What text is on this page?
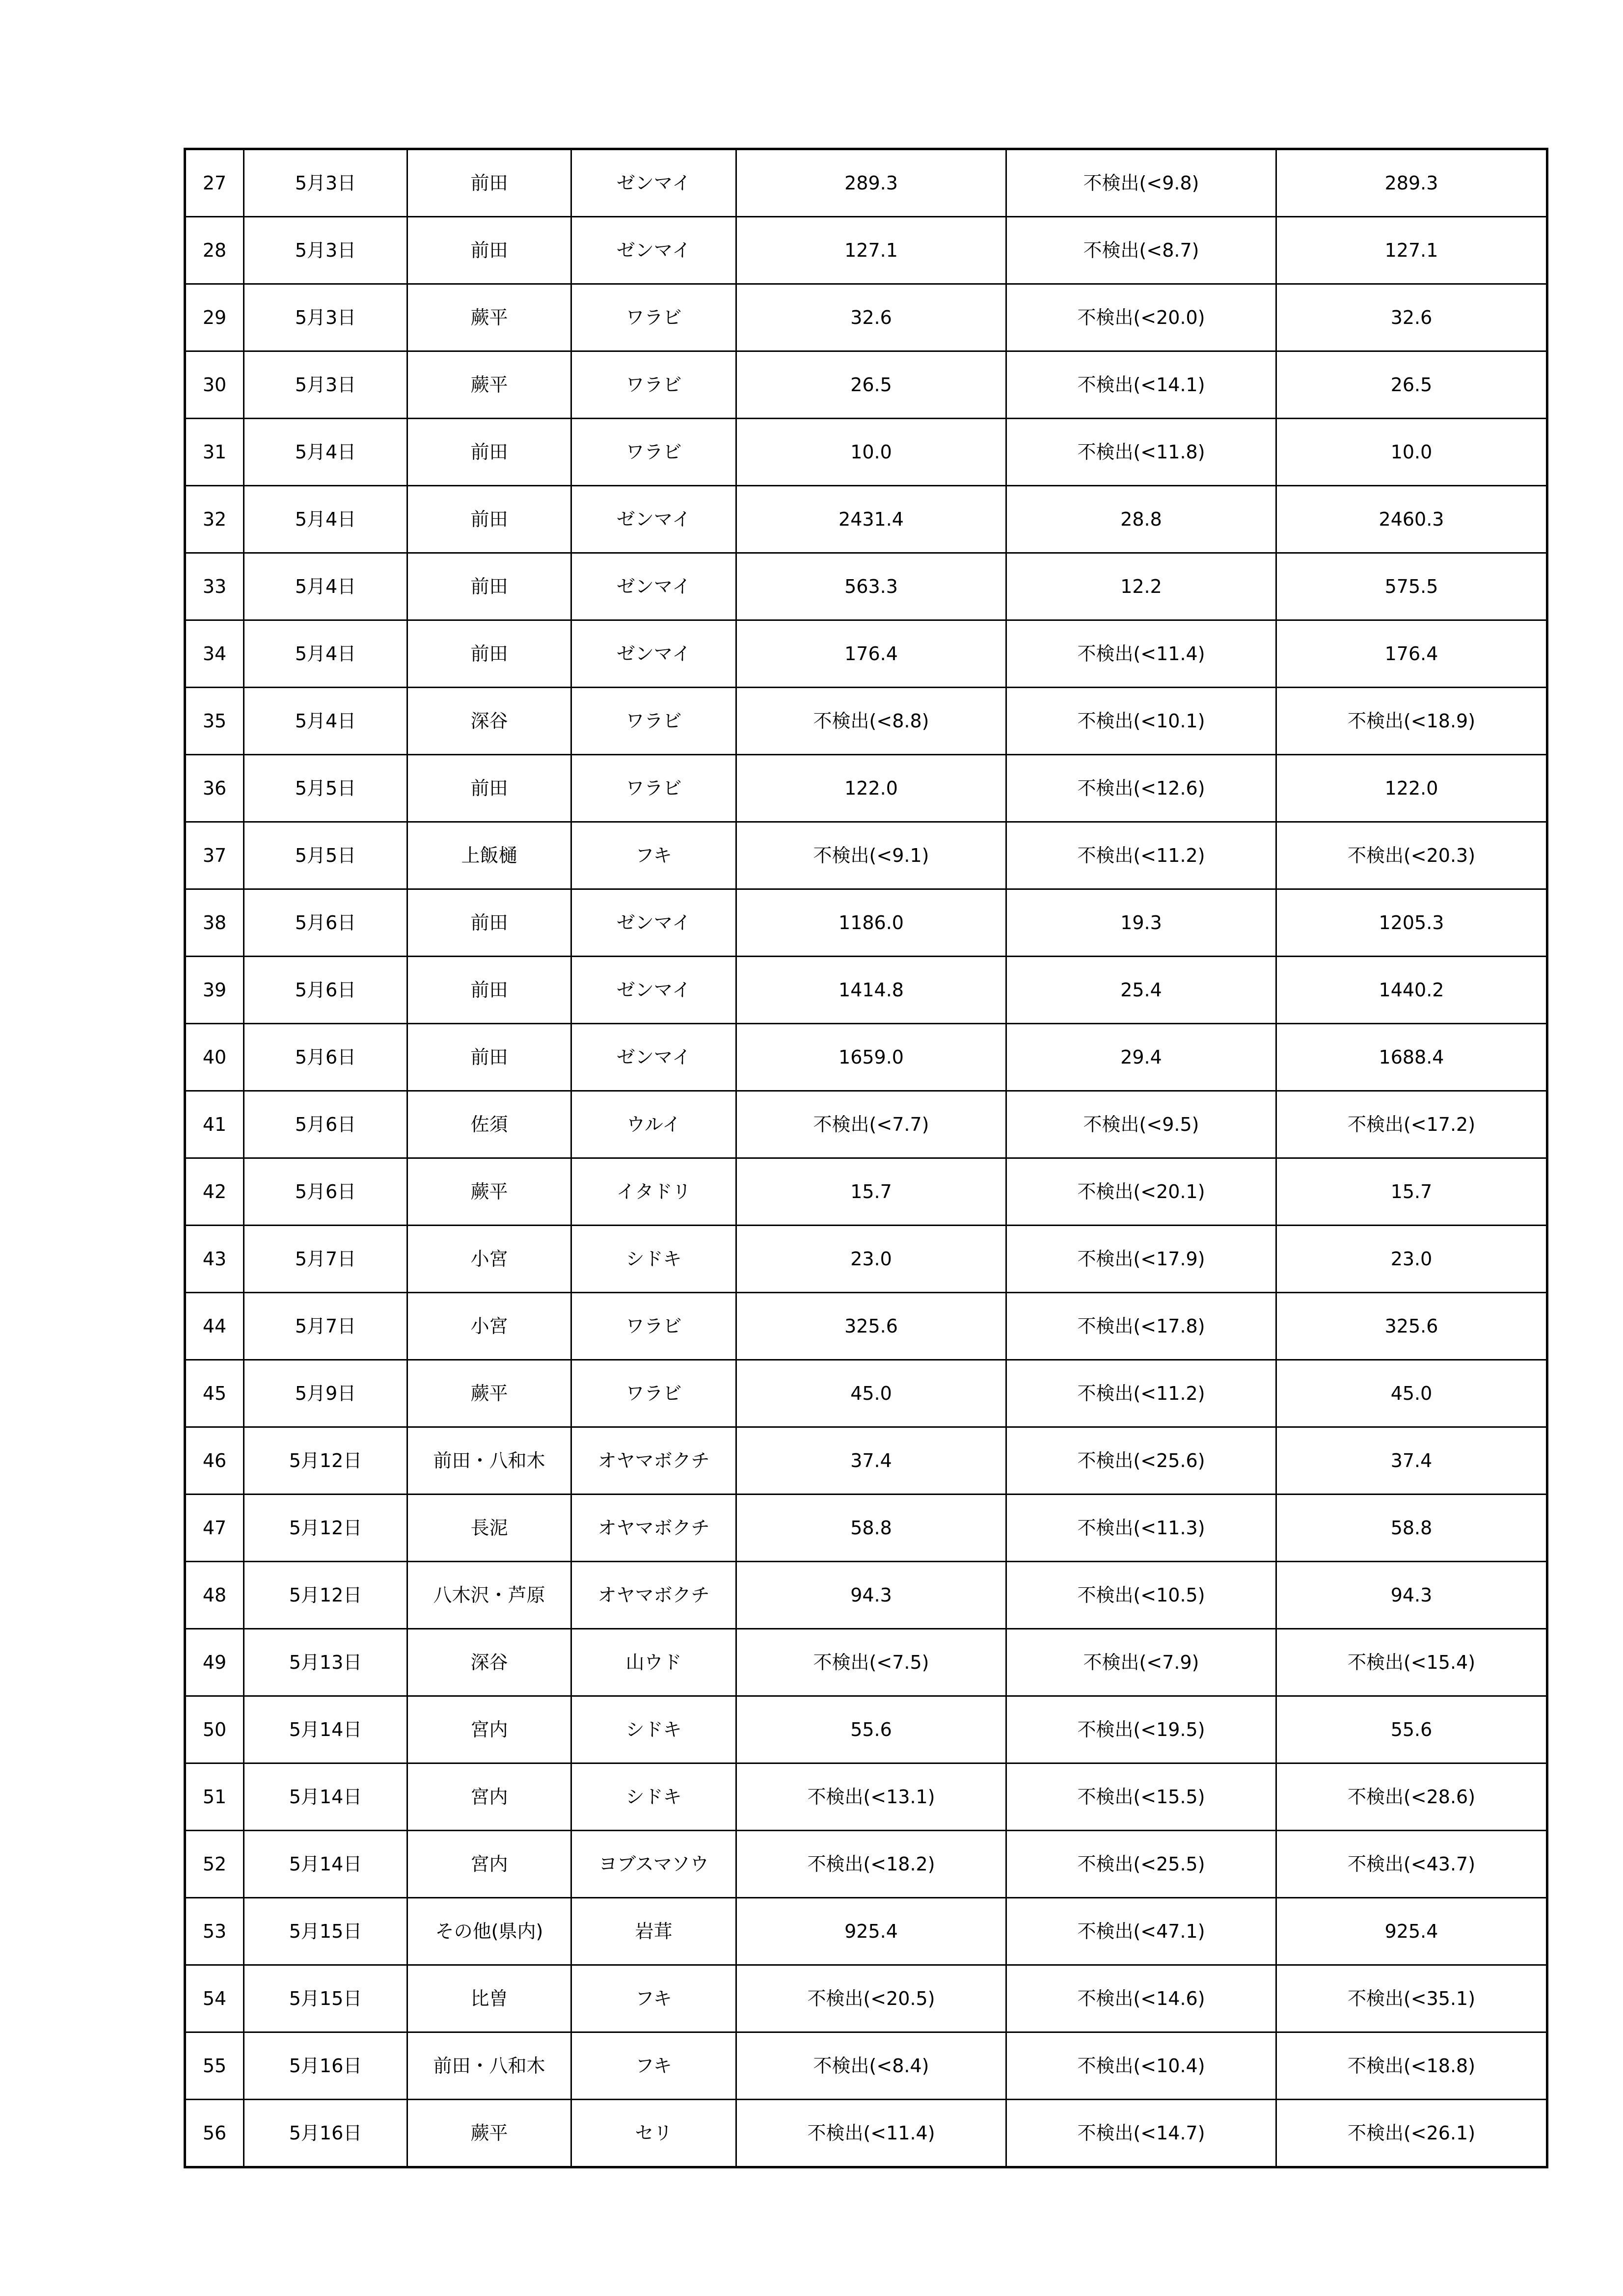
27	5月3日	前田	ゼンマイ	289.3	不検出(<9.8)	289.3
28	5月3日	前田	ゼンマイ	127.1	不検出(<8.7)	127.1
29	5月3日	蕨平	ワラビ	32.6	不検出(<20.0)	32.6
30	5月3日	蕨平	ワラビ	26.5	不検出(<14.1)	26.5
31	5月4日	前田	ワラビ	10.0	不検出(<11.8)	10.0
32	5月4日	前田	ゼンマイ	2431.4	28.8	2460.3
33	5月4日	前田	ゼンマイ	563.3	12.2	575.5
34	5月4日	前田	ゼンマイ	176.4	不検出(<11.4)	176.4
35	5月4日	深谷	ワラビ	不検出(<8.8)	不検出(<10.1)	不検出(<18.9)
36	5月5日	前田	ワラビ	122.0	不検出(<12.6)	122.0
37	5月5日	上飯樋	フキ	不検出(<9.1)	不検出(<11.2)	不検出(<20.3)
38	5月6日	前田	ゼンマイ	1186.0	19.3	1205.3
39	5月6日	前田	ゼンマイ	1414.8	25.4	1440.2
40	5月6日	前田	ゼンマイ	1659.0	29.4	1688.4
41	5月6日	佐須	ウルイ	不検出(<7.7)	不検出(<9.5)	不検出(<17.2)
42	5月6日	蕨平	イタドリ	15.7	不検出(<20.1)	15.7
43	5月7日	小宮	シドキ	23.0	不検出(<17.9)	23.0
44	5月7日	小宮	ワラビ	325.6	不検出(<17.8)	325.6
45	5月9日	蕨平	ワラビ	45.0	不検出(<11.2)	45.0
46	5月12日	前田・八和木	オヤマボクチ	37.4	不検出(<25.6)	37.4
47	5月12日	長泥	オヤマボクチ	58.8	不検出(<11.3)	58.8
48	5月12日	八木沢・芦原	オヤマボクチ	94.3	不検出(<10.5)	94.3
49	5月13日	深谷	山ウド	不検出(<7.5)	不検出(<7.9)	不検出(<15.4)
50	5月14日	宮内	シドキ	55.6	不検出(<19.5)	55.6
51	5月14日	宮内	シドキ	不検出(<13.1)	不検出(<15.5)	不検出(<28.6)
52	5月14日	宮内	ヨブスマソウ	不検出(<18.2)	不検出(<25.5)	不検出(<43.7)
53	5月15日	その他(県内)	岩茸	925.4	不検出(<47.1)	925.4
54	5月15日	比曽	フキ	不検出(<20.5)	不検出(<14.6)	不検出(<35.1)
55	5月16日	前田・八和木	フキ	不検出(<8.4)	不検出(<10.4)	不検出(<18.8)
56	5月16日	蕨平	セリ	不検出(<11.4)	不検出(<14.7)	不検出(<26.1)
